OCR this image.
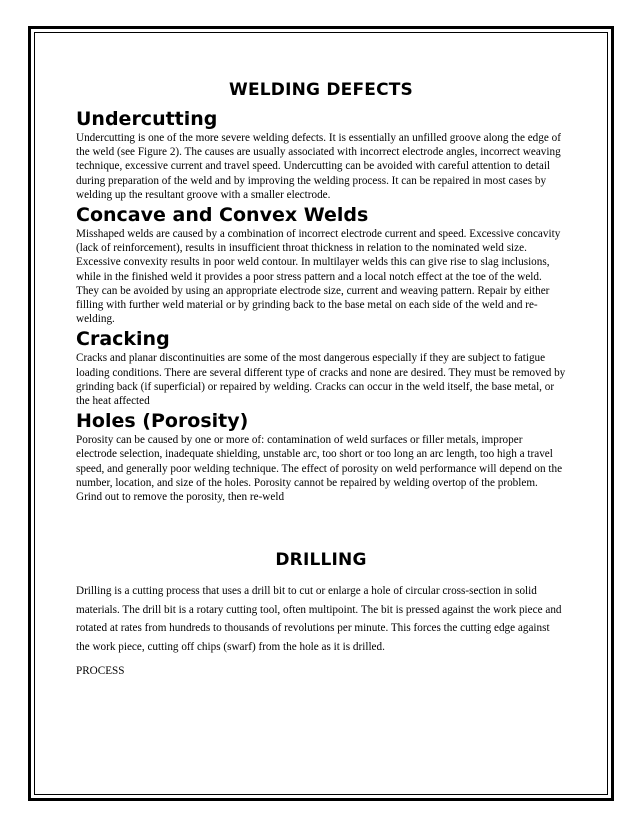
WELDING DEFECTS
Undercutting

Undercutting is one of the more severe welding defects. It is essentially an unfilled groove along the edge of the weld (see Figure 2). The causes are usually associated with incorrect electrode angles, incorrect weaving technique, excessive current and travel speed. Undercutting can be avoided with careful attention to detail during preparation of the weld and by improving the welding process. It can be repaired in most cases by welding up the resultant groove with a smaller electrode.

Concave and Convex Welds

Misshaped welds are caused by a combination of incorrect electrode current and speed. Excessive concavity (lack of reinforcement), results in insufficient throat thickness in relation to the nominated weld size. Excessive convexity results in poor weld contour. In multilayer welds this can give rise to slag inclusions, while in the finished weld it provides a poor stress pattern and a local notch effect at the toe of the weld. They can be avoided by using an appropriate electrode size, current and weaving pattern. Repair by either filling with further weld material or by grinding back to the base metal on each side of the weld and re-welding.

Cracking

Cracks and planar discontinuities are some of the most dangerous especially if they are subject to fatigue loading conditions. There are several different type of cracks and none are desired. They must be removed by grinding back (if superficial) or repaired by welding. Cracks can occur in the weld itself, the base metal, or the heat affected

Holes (Porosity)

Porosity can be caused by one or more of: contamination of weld surfaces or filler metals, improper electrode selection, inadequate shielding, unstable arc, too short or too long an arc length, too high a travel speed, and generally poor welding technique. The effect of porosity on weld performance will depend on the number, location, and size of the holes. Porosity cannot be repaired by welding overtop of the problem. Grind out to remove the porosity, then re-weld

DRILLING

Drilling is a cutting process that uses a drill bit to cut or enlarge a hole of circular cross-section in solid materials. The drill bit is a rotary cutting tool, often multipoint. The bit is pressed against the work piece and rotated at rates from hundreds to thousands of revolutions per minute. This forces the cutting edge against the work piece, cutting off chips (swarf) from the hole as it is drilled.

PROCESS
